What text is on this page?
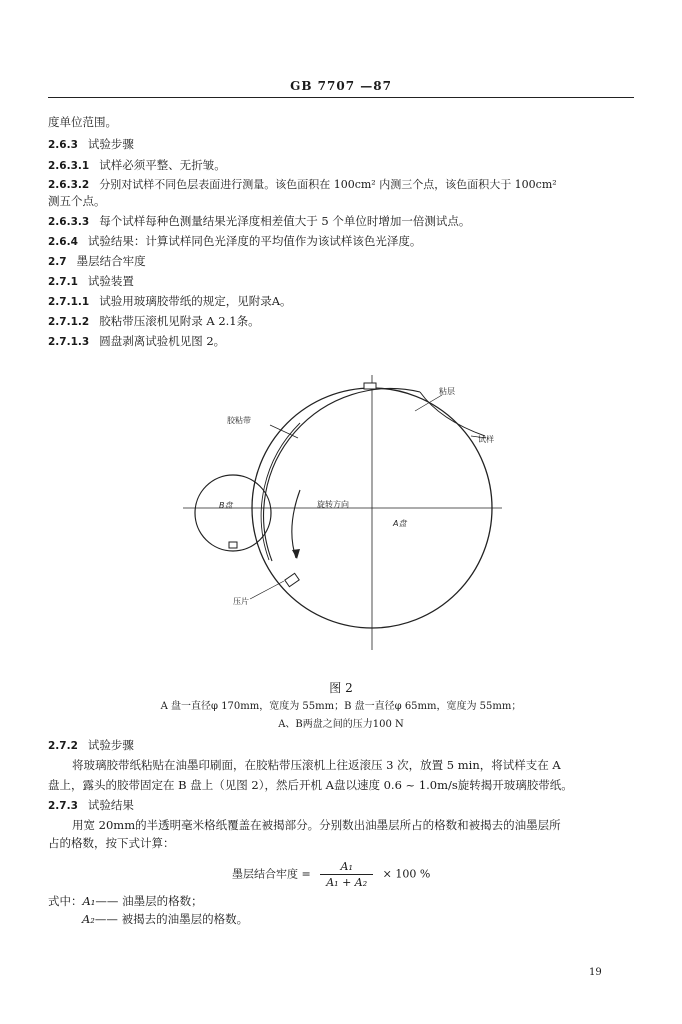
GB 7707 —87
度单位范围。
2.6.3 试验步骤
2.6.3.1 试样必须平整、无折皱。
2.6.3.2 分别对试样不同色层表面进行测量。该色面积在 100cm² 内测三个点，该色面积大于 100cm²
测五个点。
2.6.3.3 每个试样每种色测量结果光泽度相差值大于 5 个单位时增加一倍测试点。
2.6.4 试验结果：计算试样同色光泽度的平均值作为该试样该色光泽度。
2.7 墨层结合牢度
2.7.1 试验装置
2.7.1.1 试验用玻璃胶带纸的规定，见附录A。
2.7.1.2 胶粘带压滚机见附录 A 2.1条。
2.7.1.3 圆盘剥离试验机见图 2。
胶粘带
粘层
试样
B盘	旋转方向
A盘
压片
图 2
A 盘一直径φ 170mm，宽度为 55mm；B 盘一直径φ 65mm，宽度为 55mm；
A、B两盘之间的压力100 N
2.7.2 试验步骤
将玻璃胶带纸粘贴在油墨印刷面，在胶粘带压滚机上往返滚压 3 次，放置 5 min，将试样支在 A
盘上，露头的胶带固定在 B 盘上（见图 2），然后开机 A盘以速度 0.6 ~ 1.0m/s旋转揭开玻璃胶带纸。
2.7.3 试验结果
用宽 20mm的半透明毫米格纸覆盖在被揭部分。分别数出油墨层所占的格数和被揭去的油墨层所
占的格数，按下式计算：
墨层结合牢度 = $\frac{\text{A₁}}{\text{A₁ + A₂}} \times 100$ %
式中：A₁—— 油墨层的格数；
A₂—— 被揭去的油墨层的格数。
19
